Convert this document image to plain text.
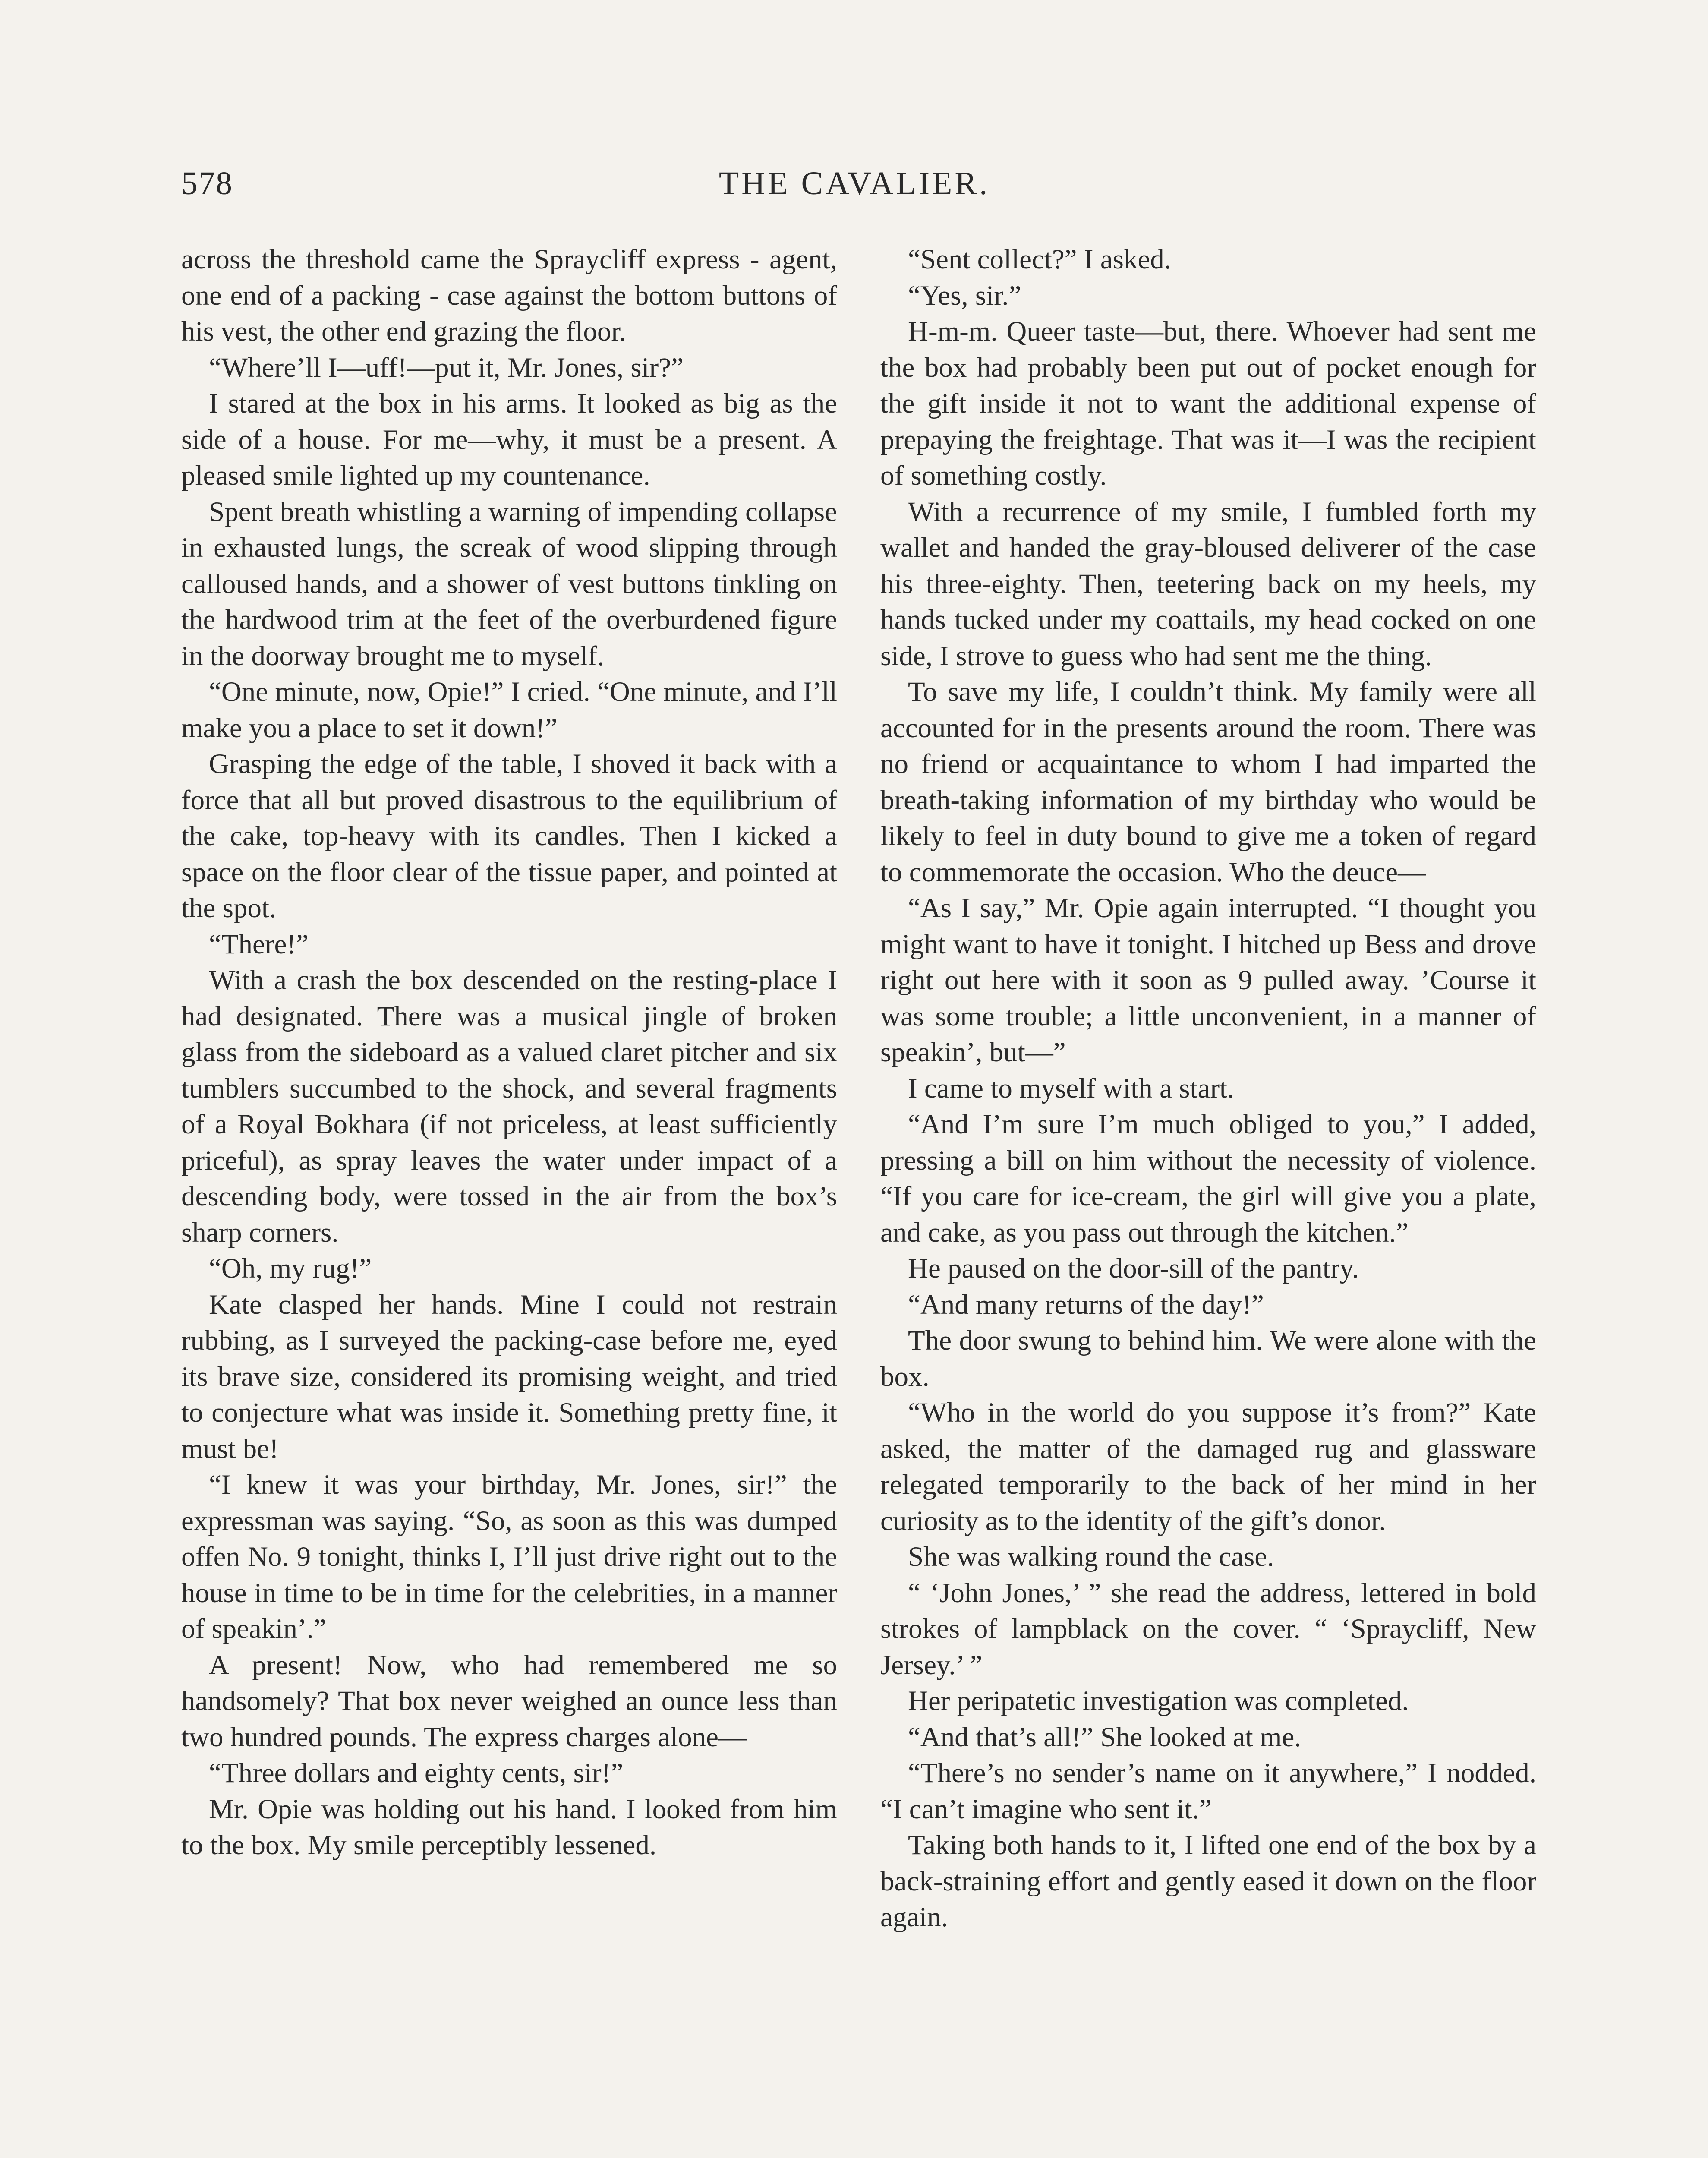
578	THE CAVALIER.

across the threshold came the Spraycliff express - agent, one end of a packing - case against the bottom buttons of his vest, the other end grazing the floor.

“Where’ll I—uff!—put it, Mr. Jones, sir?”

I stared at the box in his arms. It looked as big as the side of a house. For me—why, it must be a present. A pleased smile lighted up my countenance.

Spent breath whistling a warning of impending collapse in exhausted lungs, the screak of wood slipping through calloused hands, and a shower of vest buttons tinkling on the hardwood trim at the feet of the overburdened figure in the doorway brought me to myself.

“One minute, now, Opie!” I cried. “One minute, and I’ll make you a place to set it down!”

Grasping the edge of the table, I shoved it back with a force that all but proved disastrous to the equilibrium of the cake, top-heavy with its candles. Then I kicked a space on the floor clear of the tissue paper, and pointed at the spot.

“There!”

With a crash the box descended on the resting-place I had designated. There was a musical jingle of broken glass from the sideboard as a valued claret pitcher and six tumblers succumbed to the shock, and several fragments of a Royal Bokhara (if not priceless, at least sufficiently priceful), as spray leaves the water under impact of a descending body, were tossed in the air from the box’s sharp corners.

“Oh, my rug!”

Kate clasped her hands. Mine I could not restrain rubbing, as I surveyed the packing-case before me, eyed its brave size, considered its promising weight, and tried to conjecture what was inside it. Something pretty fine, it must be!

“I knew it was your birthday, Mr. Jones, sir!” the expressman was saying. “So, as soon as this was dumped offen No. 9 tonight, thinks I, I’ll just drive right out to the house in time to be in time for the celebrities, in a manner of speakin’.”

A present! Now, who had remembered me so handsomely? That box never weighed an ounce less than two hundred pounds. The express charges alone—

“Three dollars and eighty cents, sir!”

Mr. Opie was holding out his hand. I looked from him to the box. My smile perceptibly lessened.

“Sent collect?” I asked.

“Yes, sir.”

H-m-m. Queer taste—but, there. Whoever had sent me the box had probably been put out of pocket enough for the gift inside it not to want the additional expense of prepaying the freightage. That was it—I was the recipient of something costly.

With a recurrence of my smile, I fumbled forth my wallet and handed the gray-bloused deliverer of the case his three-eighty. Then, teetering back on my heels, my hands tucked under my coattails, my head cocked on one side, I strove to guess who had sent me the thing.

To save my life, I couldn’t think. My family were all accounted for in the presents around the room. There was no friend or acquaintance to whom I had imparted the breath-taking information of my birthday who would be likely to feel in duty bound to give me a token of regard to commemorate the occasion. Who the deuce—

“As I say,” Mr. Opie again interrupted. “I thought you might want to have it tonight. I hitched up Bess and drove right out here with it soon as 9 pulled away. ’Course it was some trouble; a little unconvenient, in a manner of speakin’, but—”

I came to myself with a start.

“And I’m sure I’m much obliged to you,” I added, pressing a bill on him without the necessity of violence. “If you care for ice-cream, the girl will give you a plate, and cake, as you pass out through the kitchen.”

He paused on the door-sill of the pantry.

“And many returns of the day!”

The door swung to behind him. We were alone with the box.

“Who in the world do you suppose it’s from?” Kate asked, the matter of the damaged rug and glassware relegated temporarily to the back of her mind in her curiosity as to the identity of the gift’s donor.

She was walking round the case.

“ ‘John Jones,’ ” she read the address, lettered in bold strokes of lampblack on the cover. “ ‘Spraycliff, New Jersey.’ ”

Her peripatetic investigation was completed.

“And that’s all!” She looked at me.

“There’s no sender’s name on it anywhere,” I nodded. “I can’t imagine who sent it.”

Taking both hands to it, I lifted one end of the box by a back-straining effort and gently eased it down on the floor again.
